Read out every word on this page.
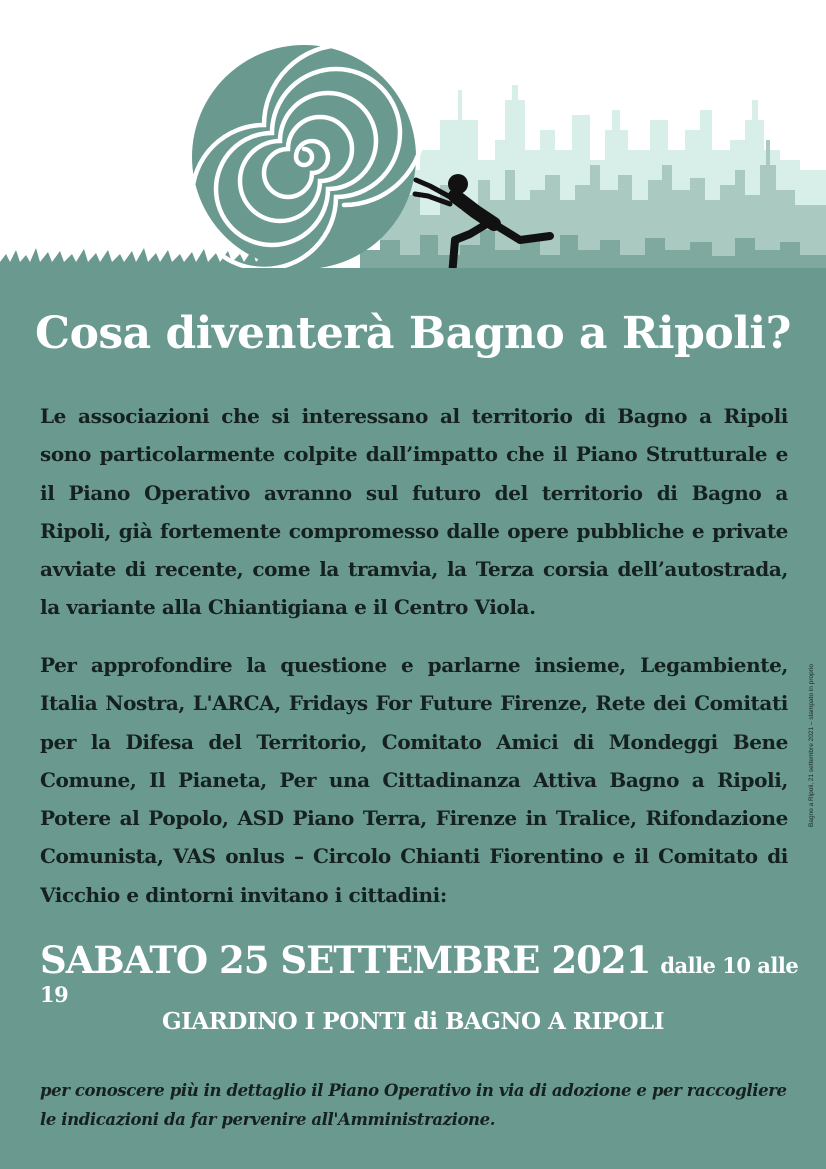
Cosa diventerà Bagno a Ripoli?

Le associazioni che si interessano al territorio di Bagno a Ripoli sono particolarmente colpite dall’impatto che il Piano Strutturale e il Piano Operativo avranno sul futuro del territorio di Bagno a Ripoli, già fortemente compromesso dalle opere pubbliche e private avviate di recente, come la tramvia, la Terza corsia dell’autostrada, la variante alla Chiantigiana e il Centro Viola.

Per approfondire la questione e parlarne insieme, Legambiente, Italia Nostra, L'ARCA, Fridays For Future Firenze, Rete dei Comitati per la Difesa del Territorio, Comitato Amici di Mondeggi Bene Comune, Il Pianeta, Per una Cittadinanza Attiva Bagno a Ripoli, Potere al Popolo, ASD Piano Terra, Firenze in Tralice, Rifondazione Comunista, VAS onlus – Circolo Chianti Fiorentino e il Comitato di Vicchio e dintorni invitano i cittadini:

SABATO 25 SETTEMBRE 2021 dalle 10 alle 19

GIARDINO I PONTI di BAGNO A RIPOLI

per conoscere più in dettaglio il Piano Operativo in via di adozione e per raccogliere le indicazioni da far pervenire all'Amministrazione.

Bagno a Ripoli, 21 settembre 2021 – stampato in proprio
